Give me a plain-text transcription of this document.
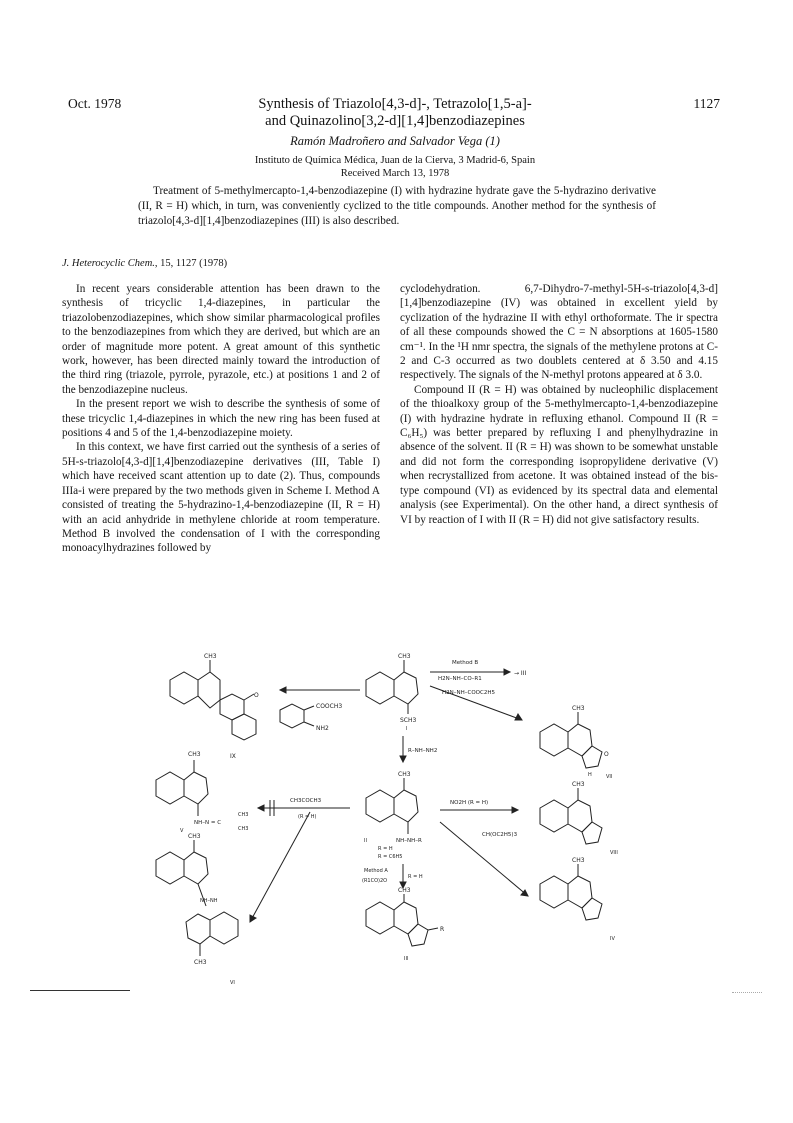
Oct. 1978	1127
Synthesis of Triazolo[4,3-d]-, Tetrazolo[1,5-a]-
and Quinazolino[3,2-d][1,4]benzodiazepines
Ramón Madroñero and Salvador Vega (1)
Instituto de Química Médica, Juan de la Cierva, 3 Madrid-6, Spain
Received March 13, 1978
Treatment of 5-methylmercapto-1,4-benzodiazepine (I) with hydrazine hydrate gave the 5-hydrazino derivative (II, R = H) which, in turn, was conveniently cyclized to the title compounds. Another method for the synthesis of triazolo[4,3-d][1,4]benzodiazepines (III) is also described.
J. Heterocyclic Chem., 15, 1127 (1978)

In recent years considerable attention has been drawn to the synthesis of tricyclic 1,4-diazepines, in particular the triazolobenzodiazepines, which show similar pharmacological profiles to the benzodiazepines from which they are derived, but which are an order of magnitude more potent. A great amount of this synthetic work, however, has been directed mainly toward the introduction of the third ring (triazole, pyrrole, pyrazole, etc.) at positions 1 and 2 of the benzodiazepine nucleus.

In the present report we wish to describe the synthesis of some of these tricyclic 1,4-diazepines in which the new ring has been fused at positions 4 and 5 of the 1,4-benzodiazepine moiety.

In this context, we have first carried out the synthesis of a series of 5H-s-triazolo[4,3-d][1,4]benzodiazepine derivatives (III, Table I) which have received scant attention up to date (2). Thus, compounds IIIa-i were prepared by the two methods given in Scheme I. Method A consisted of treating the 5-hydrazino-1,4-benzodiazepine (II, R = H) with an acid anhydride in methylene chloride at room temperature. Method B involved the condensation of I with the corresponding monoacylhydrazines followed by

cyclodehydration. 6,7-Dihydro-7-methyl-5H-s-triazolo[4,3-d][1,4]benzodiazepine (IV) was obtained in excellent yield by cyclization of the hydrazine II with ethyl orthoformate. The ir spectra of all these compounds showed the C = N absorptions at 1605-1580 cm⁻¹. In the ¹H nmr spectra, the signals of the methylene protons at C-2 and C-3 occurred as two doublets centered at δ 3.50 and 4.15 respectively. The signals of the N-methyl protons appeared at δ 3.0.

Compound II (R = H) was obtained by nucleophilic displacement of the thioalkoxy group of the 5-methylmercapto-1,4-benzodiazepine (I) with hydrazine hydrate in refluxing ethanol. Compound II (R = C₆H₅) was better prepared by refluxing I and phenylhydrazine in absence of the solvent. II (R = H) was shown to be somewhat unstable and did not form the corresponding isopropylidene derivative (V) when recrystallized from acetone. It was obtained instead of the bis-type compound (VI) as evidenced by its spectral data and elemental analysis (see Experimental). On the other hand, a direct synthesis of VI by reaction of I with II (R = H) did not give satisfactory results.

CH3
O
IX
COOCH3
NH2
CH3
SCH3
I
Method B
H2N–NH–CO–R1
→ III
H2N–NH–COOC2H5
CH3
O
H	VII
R–NH–NH2
CH3
NH–N = C
CH3
CH3
V
CH3COCH3
(R = H)
CH3
NH–NH–R
II
R = H
R = C6H5
NO2H (R = H)
CH(OC2H5)3
CH3
VIII
CH3
NH–NH
CH3
VI
Method A
(R1CO)2O
R = H
CH3
R
III
CH3
IV
